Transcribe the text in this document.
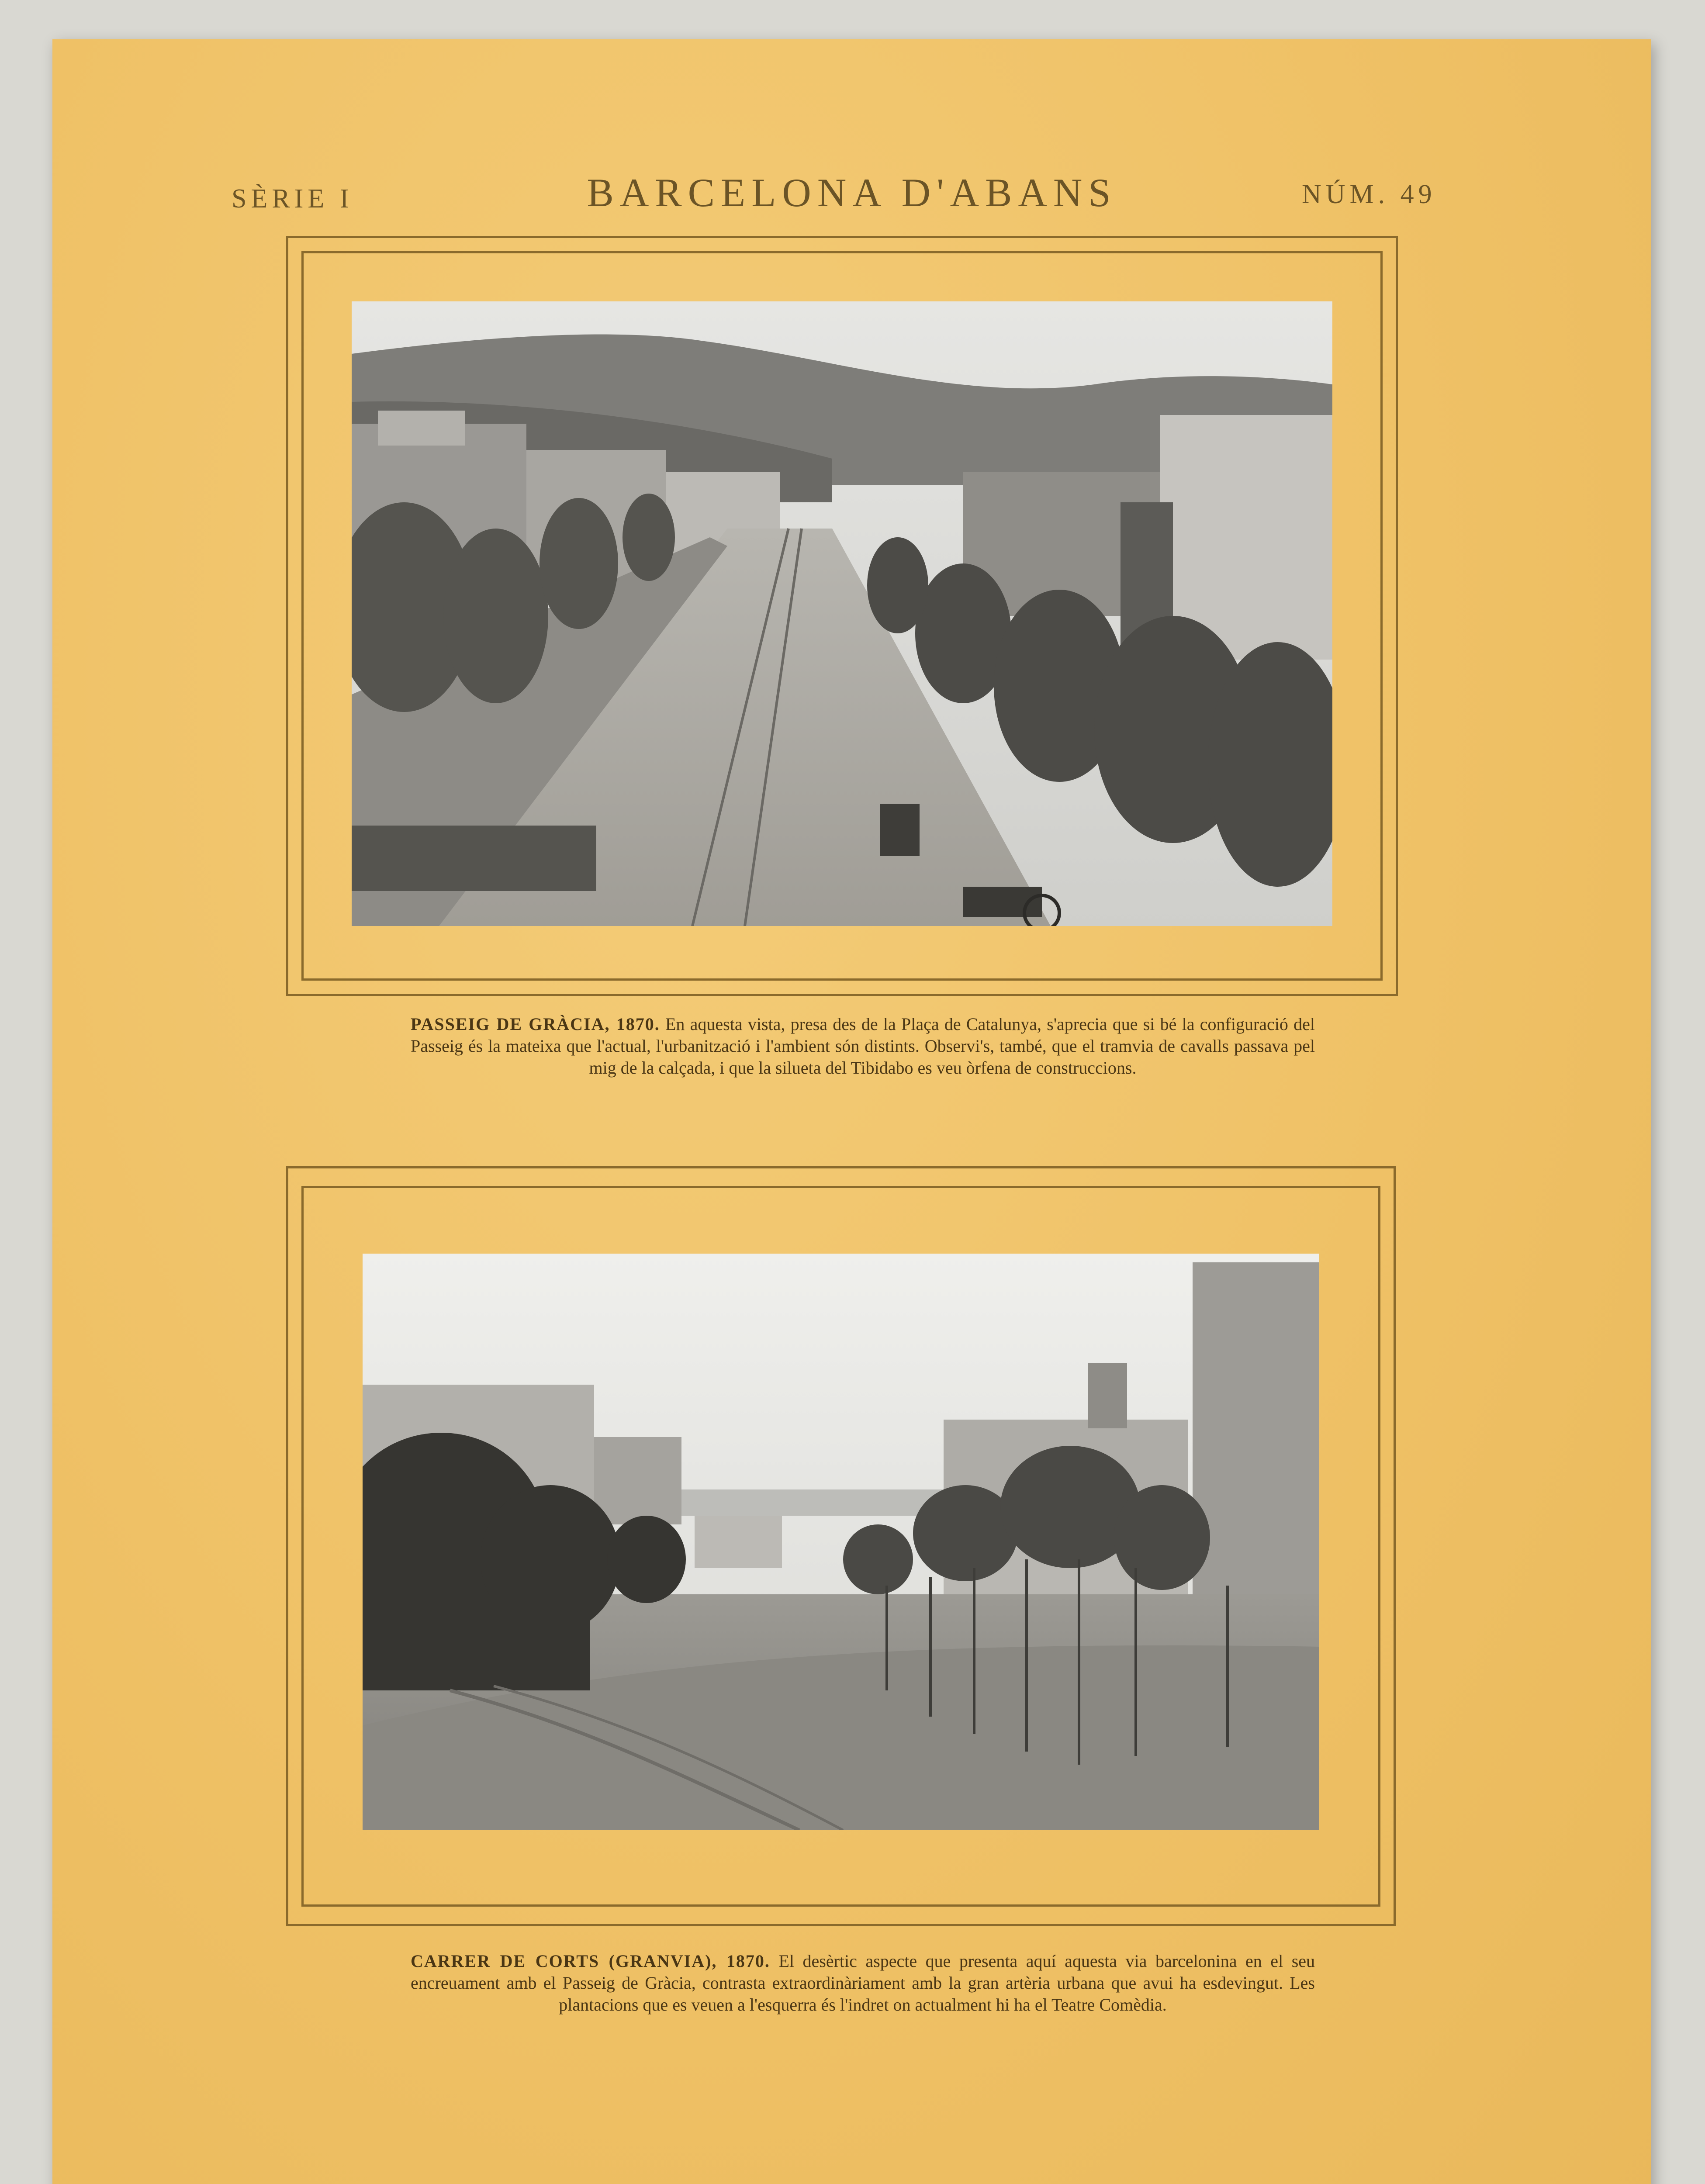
SÈRIE I	BARCELONA D'ABANS	NÚM. 49
PASSEIG DE GRÀCIA, 1870. En aquesta vista, presa des de la Plaça de Catalunya, s'aprecia que si bé la configuració del Passeig és la mateixa que l'actual, l'urbanització i l'ambient són distints. Observi's, també, que el tramvia de cavalls passava pel mig de la calçada, i que la silueta del Tibidabo es veu òrfena de construccions.
CARRER DE CORTS (GRANVIA), 1870. El desèrtic aspecte que presenta aquí aquesta via barcelonina en el seu encreuament amb el Passeig de Gràcia, contrasta extraordinàriament amb la gran artèria urbana que avui ha esdevingut. Les plantacions que es veuen a l'esquerra és l'indret on actualment hi ha el Teatre Comèdia.
